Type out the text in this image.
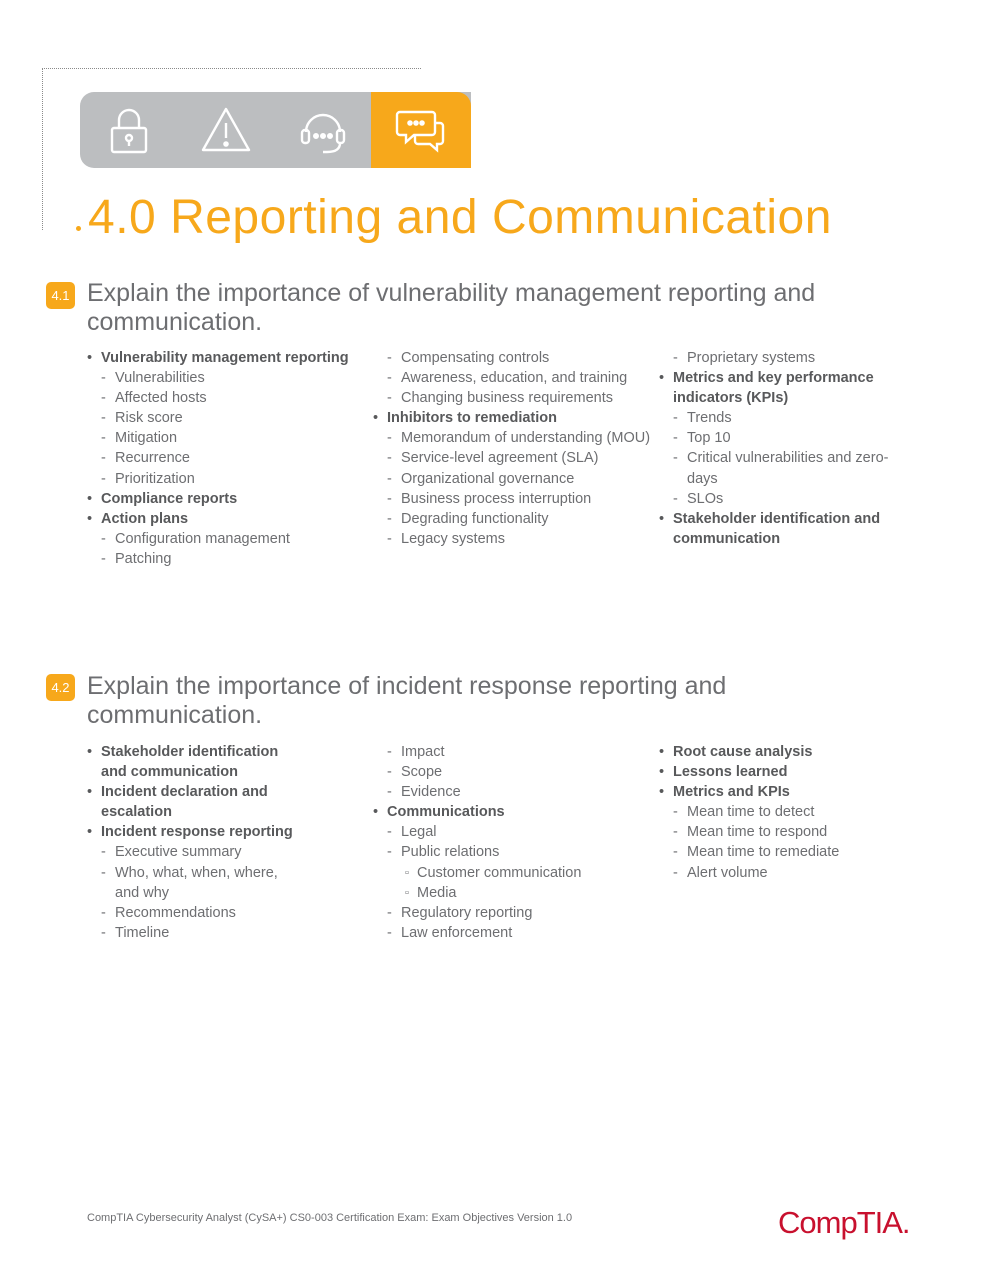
4.0 Reporting and Communication
4.1 Explain the importance of vulnerability management reporting and communication.
• Vulnerability management reporting
- Vulnerabilities
- Affected hosts
- Risk score
- Mitigation
- Recurrence
- Prioritization
• Compliance reports
• Action plans
- Configuration management
- Patching
- Compensating controls
- Awareness, education, and training
- Changing business requirements
• Inhibitors to remediation
- Memorandum of understanding (MOU)
- Service-level agreement (SLA)
- Organizational governance
- Business process interruption
- Degrading functionality
- Legacy systems
- Proprietary systems
• Metrics and key performance indicators (KPIs)
- Trends
- Top 10
- Critical vulnerabilities and zero-days
- SLOs
• Stakeholder identification and communication
4.2 Explain the importance of incident response reporting and communication.
• Stakeholder identification and communication
• Incident declaration and escalation
• Incident response reporting
- Executive summary
- Who, what, when, where, and why
- Recommendations
- Timeline
- Impact
- Scope
- Evidence
• Communications
- Legal
- Public relations
▫ Customer communication
▫ Media
- Regulatory reporting
- Law enforcement
• Root cause analysis
• Lessons learned
• Metrics and KPIs
- Mean time to detect
- Mean time to respond
- Mean time to remediate
- Alert volume
CompTIA Cybersecurity Analyst (CySA+) CS0-003 Certification Exam: Exam Objectives Version 1.0	CompTIA.
